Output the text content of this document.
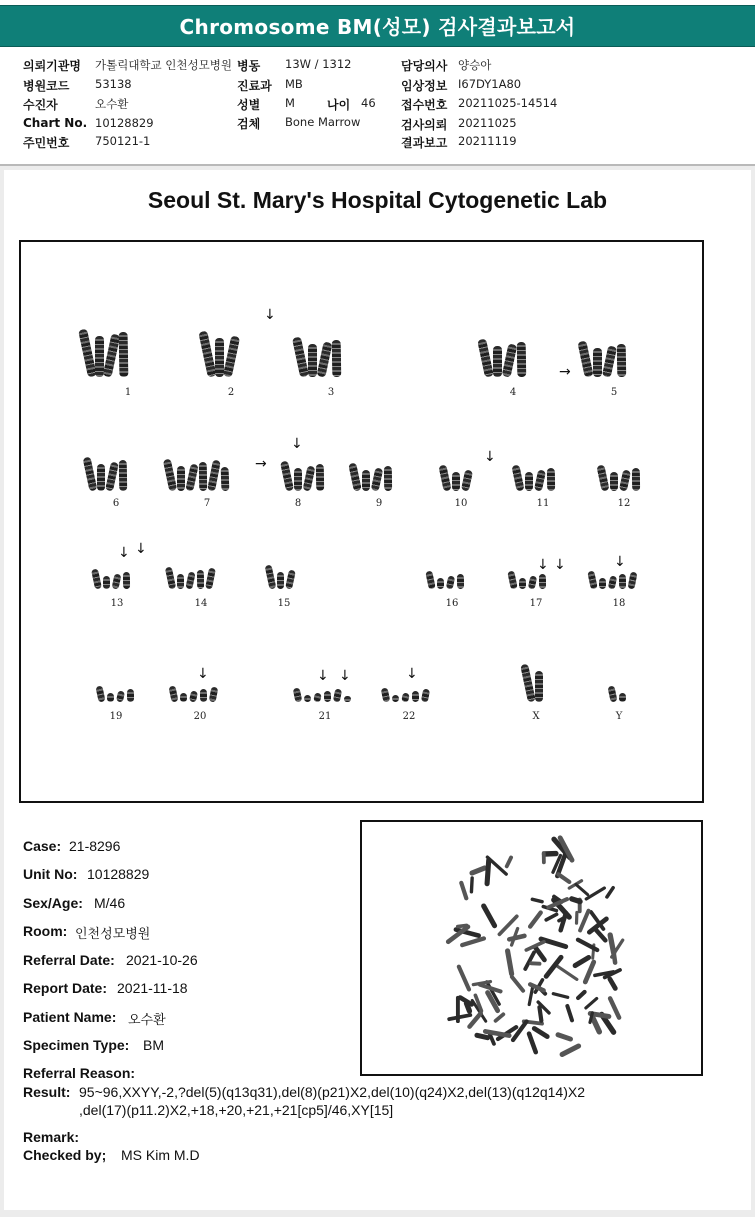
Chromosome BM(성모) 검사결과보고서
의뢰기관명 가톨릭대학교 인천성모병원 병동 13W / 1312	담당의사 양승아
병원코드 53138	진료과 MB	임상정보 I67DY1A80
수진자	오수환	성별 M	나이 46 접수번호 20211025-14514
Chart No. 10128829	검체 Bone Marrow	검사의뢰 20211025
주민번호 750121-1	결과보고 20211119
Seoul St. Mary's Hospital Cytogenetic Lab
1	2	3	4	5
6	7	8	9	10	11	12
13	14	15	16	17	18
19	20	21	22	X	Y
↓
↓
↓
↓ ↓
↓ ↓	↓
↓	↓ ↓	↓
→
→
Case: 21-8296
Unit No: 10128829
Sex/Age: M/46
Room: 인천성모병원
Referral Date: 2021-10-26
Report Date: 2021-11-18
Patient Name: 오수환
Specimen Type: BM
Referral Reason:
Result: 95~96,XXYY,-2,?del(5)(q13q31),del(8)(p21)X2,del(10)(q24)X2,del(13)(q12q14)X2
,del(17)(p11.2)X2,+18,+20,+21,+21[cp5]/46,XY[15]
Remark:
Checked by; MS Kim M.D
